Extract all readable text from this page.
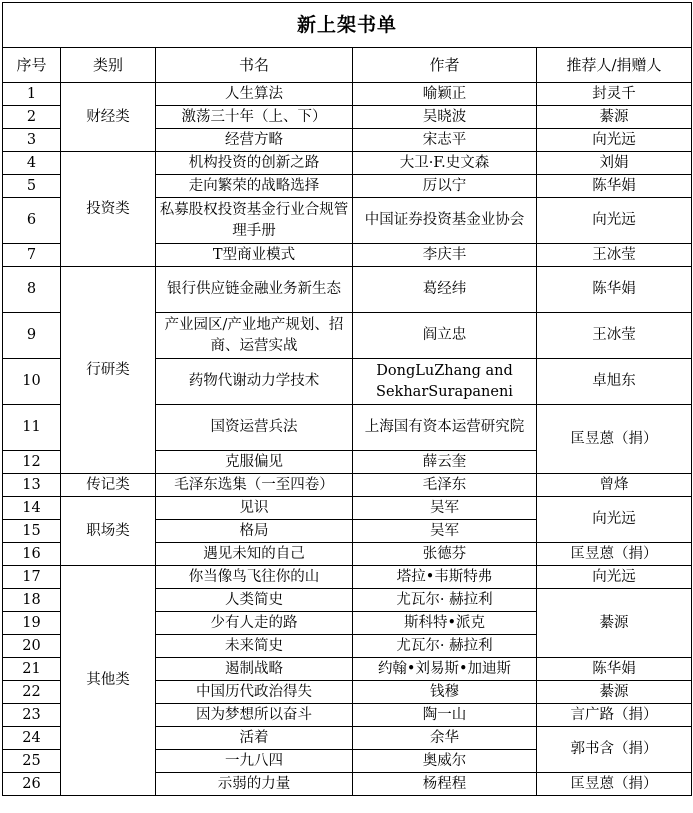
新上架书单				
序号	类别	书名	作者	推荐人/捐赠人
1	财经类	人生算法	喻颖正	封灵千
2		激荡三十年（上、下）	吴晓波	綦源
3		经营方略	宋志平	向光远
4	投资类	机构投资的创新之路	大卫·F.史文森	刘娟
5		走向繁荣的战略选择	厉以宁	陈华娟
6		私募股权投资基金行业合规管理手册	中国证券投资基金业协会	向光远
7		T型商业模式	李庆丰	王冰莹
8	行研类	银行供应链金融业务新生态	葛经纬	陈华娟
9		产业园区/产业地产规划、招商、运营实战	阎立忠	王冰莹
10		药物代谢动力学技术	DongLuZhang and SekharSurapaneni	卓旭东
11		国资运营兵法	上海国有资本运营研究院	匡昱蒽（捐）
12		克服偏见	薛云奎	
13	传记类	毛泽东选集（一至四卷）	毛泽东	曾烽
14	职场类	见识	吴军	向光远
15		格局	吴军	
16		遇见未知的自己	张德芬	匡昱蒽（捐）
17	其他类	你当像鸟飞往你的山	塔拉•韦斯特弗	向光远
18		人类简史	尤瓦尔· 赫拉利	綦源
19		少有人走的路	斯科特•派克	
20		未来简史	尤瓦尔· 赫拉利	
21		遏制战略	约翰•刘易斯•加迪斯	陈华娟
22		中国历代政治得失	钱穆	綦源
23		因为梦想所以奋斗	陶一山	言广路（捐）
24		活着	余华	郭书含（捐）
25		一九八四	奥威尔	
26		示弱的力量	杨程程	匡昱蒽（捐）
